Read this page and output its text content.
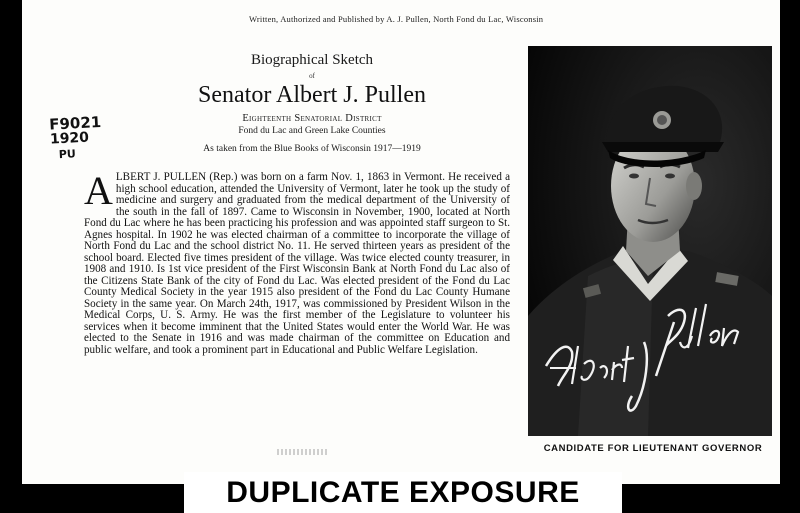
Written, Authorized and Published by A. J. Pullen, North Fond du Lac, Wisconsin
Biographical Sketch
of
Senator Albert J. Pullen
Eighteenth Senatorial District
Fond du Lac and Green Lake Counties
As taken from the Blue Books of Wisconsin 1917—1919
F9021
1920
PU
ALBERT J. PULLEN (Rep.) was born on a farm Nov. 1, 1863 in Vermont. He received a high school education, attended the University of Vermont, later he took up the study of medicine and surgery and graduated from the medical department of the University of the south in the fall of 1897. Came to Wisconsin in November, 1900, located at North Fond du Lac where he has been practicing his profession and was appointed staff surgeon to St. Agnes hospital. In 1902 he was elected chairman of a committee to incorporate the village of North Fond du Lac and the school district No. 11. He served thirteen years as president of the school board. Elected five times president of the village. Was twice elected county treasurer, in 1908 and 1910. Is 1st vice president of the First Wisconsin Bank at North Fond du Lac also of the Citizens State Bank of the city of Fond du Lac. Was elected president of the Fond du Lac County Medical Society in the year 1915 also president of the Fond du Lac County Humane Society in the same year. On March 24th, 1917, was commissioned by President Wilson in the Medical Corps, U. S. Army. He was the first member of the Legislature to volunteer his services when it become imminent that the United States would enter the World War. He was elected to the Senate in 1916 and was made chairman of the committee on Education and public welfare, and took a prominent part in Educational and Public Welfare Legislation.
CANDIDATE FOR LIEUTENANT GOVERNOR
DUPLICATE EXPOSURE
